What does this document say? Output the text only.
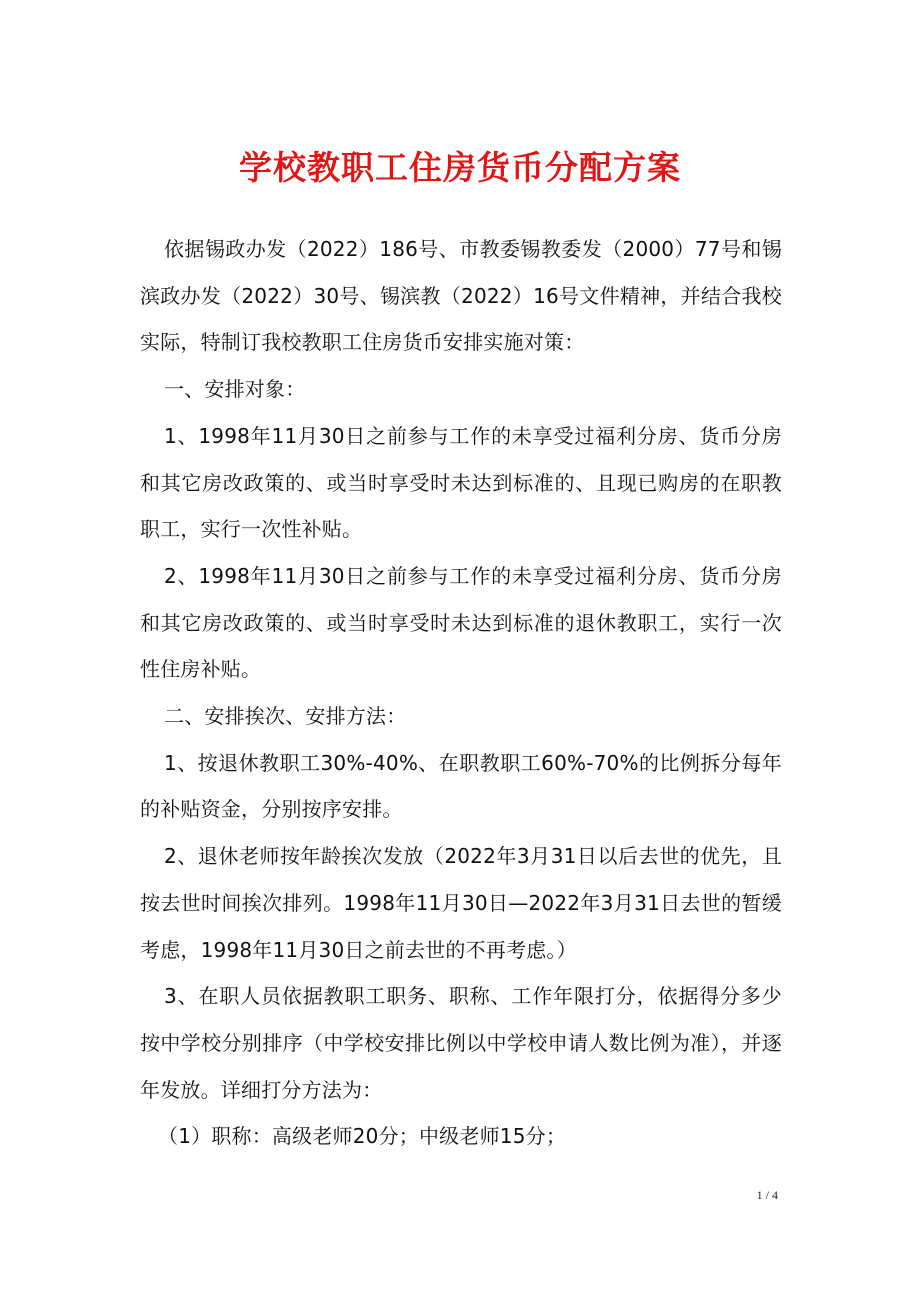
学校教职工住房货币分配方案

依据锡政办发（2022）186号、市教委锡教委发（2000）77号和锡滨政办发（2022）30号、锡滨教（2022）16号文件精神，并结合我校实际，特制订我校教职工住房货币安排实施对策：

一、安排对象：

1、1998年11月30日之前参与工作的未享受过福利分房、货币分房和其它房改政策的、或当时享受时未达到标准的、且现已购房的在职教职工，实行一次性补贴。

2、1998年11月30日之前参与工作的未享受过福利分房、货币分房和其它房改政策的、或当时享受时未达到标准的退休教职工，实行一次性住房补贴。

二、安排挨次、安排方法：

1、按退休教职工30%-40%、在职教职工60%-70%的比例拆分每年的补贴资金，分别按序安排。

2、退休老师按年龄挨次发放（2022年3月31日以后去世的优先，且按去世时间挨次排列。1998年11月30日—2022年3月31日去世的暂缓考虑，1998年11月30日之前去世的不再考虑。）

3、在职人员依据教职工职务、职称、工作年限打分，依据得分多少按中学校分别排序（中学校安排比例以中学校申请人数比例为准），并逐年发放。详细打分方法为：

（1）职称：高级老师20分；中级老师15分；

1 / 4
